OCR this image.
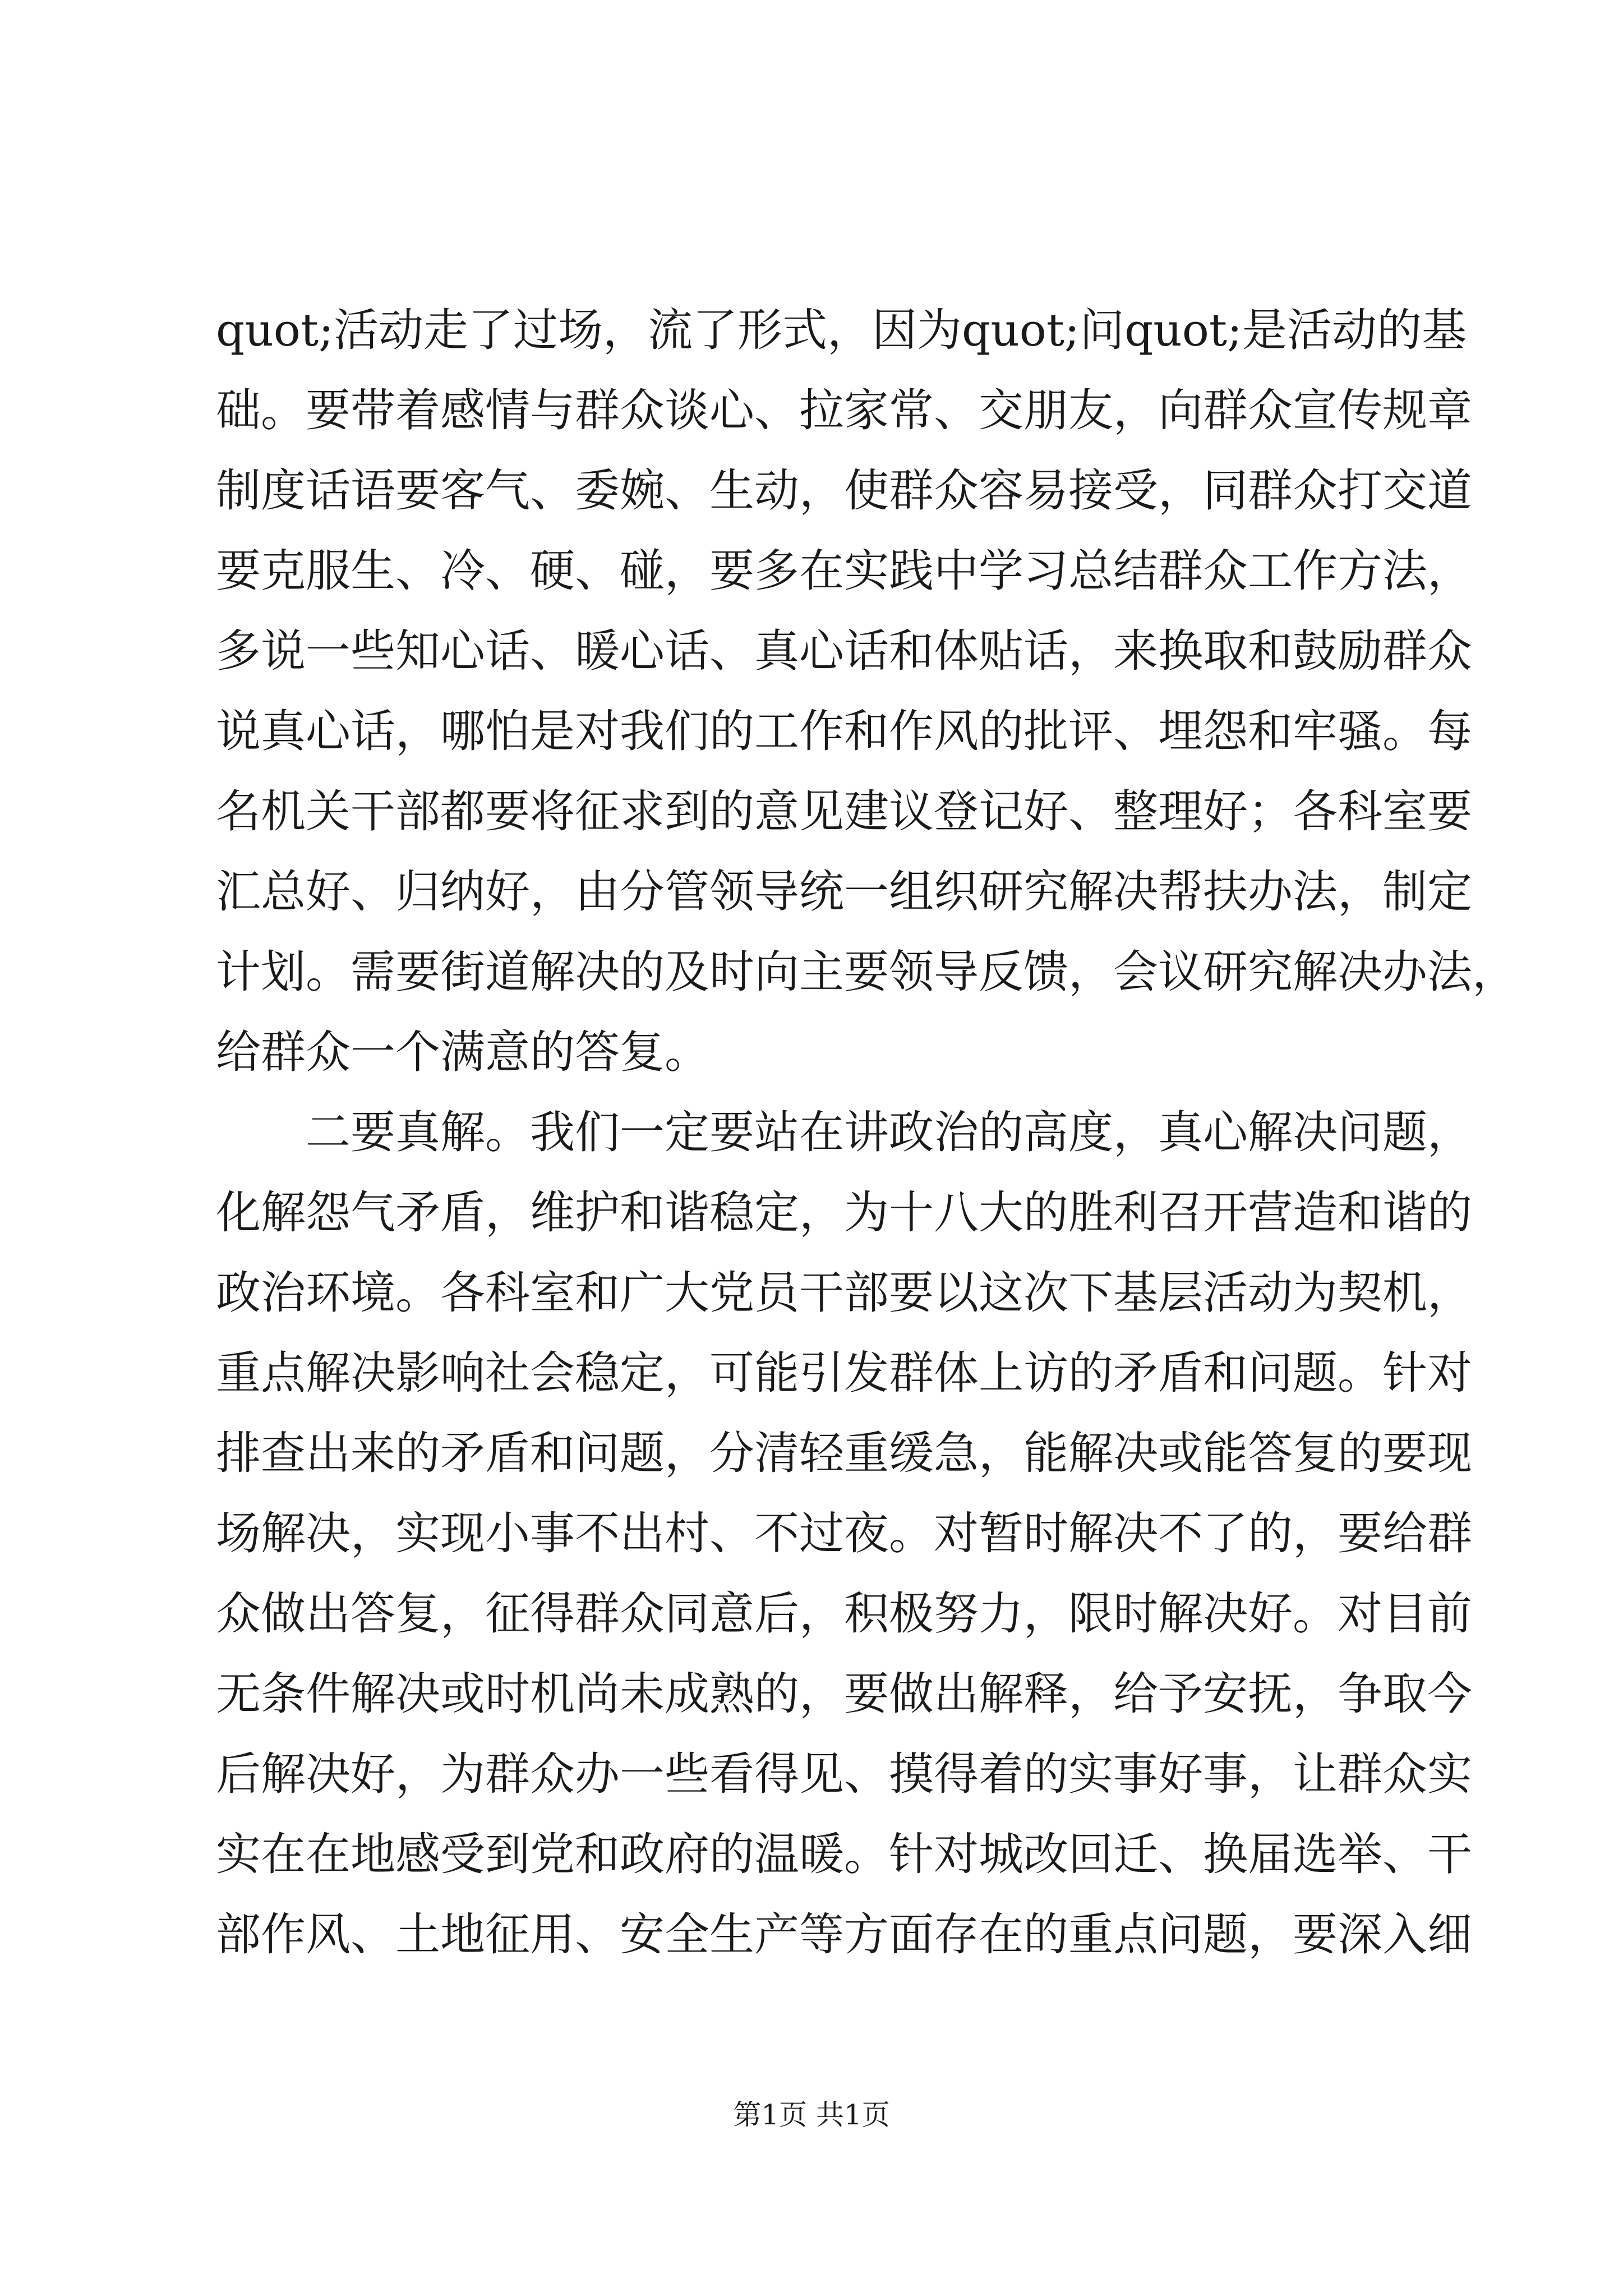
quot;活动走了过场，流了形式，因为quot;问quot;是活动的基
础。要带着感情与群众谈心、拉家常、交朋友，向群众宣传规章
制度话语要客气、委婉、生动，使群众容易接受，同群众打交道
要克服生、冷、硬、碰，要多在实践中学习总结群众工作方法，
多说一些知心话、暖心话、真心话和体贴话，来换取和鼓励群众
说真心话，哪怕是对我们的工作和作风的批评、埋怨和牢骚。每
名机关干部都要将征求到的意见建议登记好、整理好；各科室要
汇总好、归纳好，由分管领导统一组织研究解决帮扶办法，制定
计划。需要街道解决的及时向主要领导反馈，会议研究解决办法，
给群众一个满意的答复。
　　二要真解。我们一定要站在讲政治的高度，真心解决问题，
化解怨气矛盾，维护和谐稳定，为十八大的胜利召开营造和谐的
政治环境。各科室和广大党员干部要以这次下基层活动为契机，
重点解决影响社会稳定，可能引发群体上访的矛盾和问题。针对
排查出来的矛盾和问题，分清轻重缓急，能解决或能答复的要现
场解决，实现小事不出村、不过夜。对暂时解决不了的，要给群
众做出答复，征得群众同意后，积极努力，限时解决好。对目前
无条件解决或时机尚未成熟的，要做出解释，给予安抚，争取今
后解决好，为群众办一些看得见、摸得着的实事好事，让群众实
实在在地感受到党和政府的温暖。针对城改回迁、换届选举、干
部作风、土地征用、安全生产等方面存在的重点问题，要深入细
第1页 共1页
